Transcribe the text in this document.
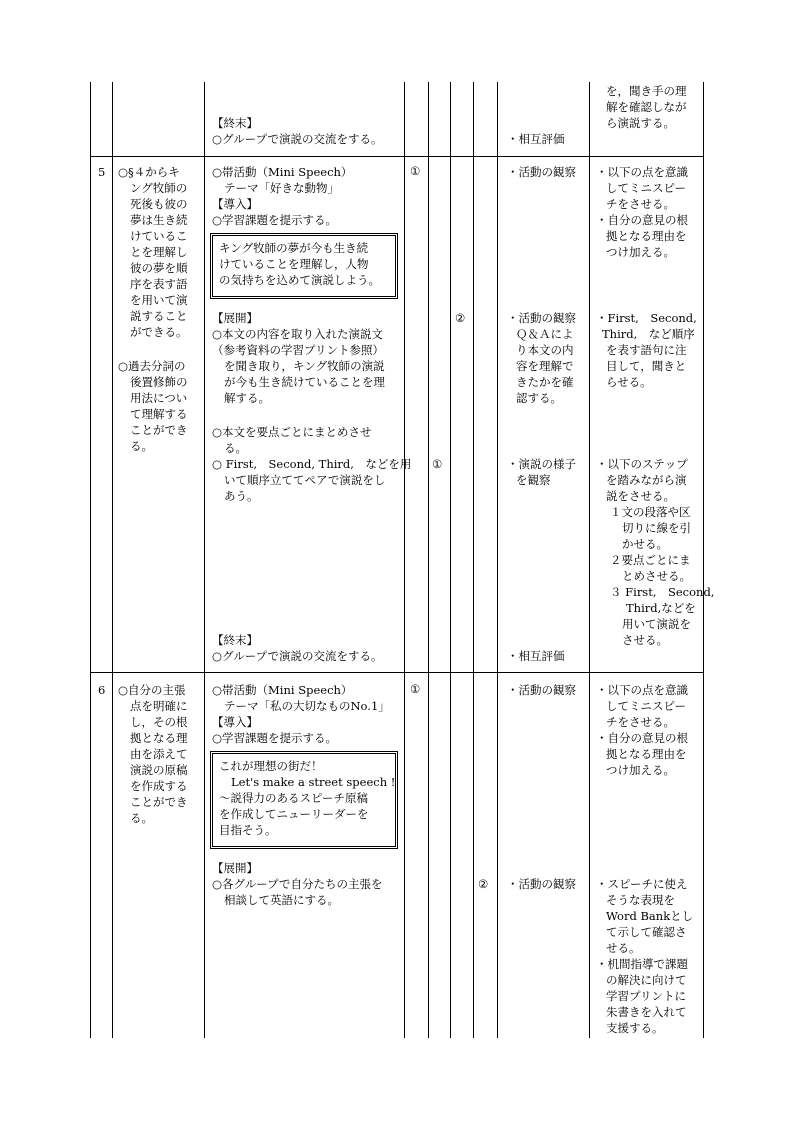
【終末】
○グループで演説の交流をする。	・相互評価
を，聞き手の理
解を確認しなが
ら演説する。
5 ○§４からキ
ング牧師の
死後も彼の
夢は生き続
けているこ
とを理解し
彼の夢を順
序を表す語
を用いて演
説すること
ができる。
○過去分詞の
後置修飾の
用法につい
て理解する
ことができ
る。
○帯活動（Mini Speech）
テーマ「好きな動物」
【導入】
○学習課題を提示する。
キング牧師の夢が今も生き続
けていることを理解し，人物
の気持ちを込めて演説しよう。
【展開】
○本文の内容を取り入れた演説文
（参考資料の学習プリント参照）
を聞き取り，キング牧師の演説
が今も生き続けていることを理
解する。
○本文を要点ごとにまとめさせ
る。
○ First,　Second, Third,　などを用
いて順序立ててペアで演説をし
あう。
【終末】
○グループで演説の交流をする。
①
②
①
・活動の観察
・活動の観察
Ｑ＆Ａによ
り本文の内
容を理解で
きたかを確
認する。
・演説の様子
を観察
・相互評価
・以下の点を意識
してミニスピー
チをさせる。
・自分の意見の根
拠となる理由を
つけ加える。
・First,　Second,
Third,　など順序
を表す語句に注
目して，聞きと
らせる。
・以下のステップ
を踏みながら演
説をさせる。
１文の段落や区
切りに線を引
かせる。
２要点ごとにま
とめさせる。
３ First,　Second,
Third,などを
用いて演説を
させる。
6 ○自分の主張
点を明確に
し，その根
拠となる理
由を添えて
演説の原稿
を作成する
ことができ
る。
○帯活動（Mini Speech）
テーマ「私の大切なものNo.1」
【導入】
○学習課題を提示する。
これが理想の街だ！
Let's make a street speech !
～説得力のあるスピーチ原稿
を作成してニューリーダーを
目指そう。
【展開】
○各グループで自分たちの主張を
相談して英語にする。
①
②
・活動の観察
・活動の観察
・以下の点を意識
してミニスピー
チをさせる。
・自分の意見の根
拠となる理由を
つけ加える。
・スピーチに使え
そうな表現を
Word Bankとし
て示して確認さ
せる。
・机間指導で課題
の解決に向けて
学習プリントに
朱書きを入れて
支援する。
